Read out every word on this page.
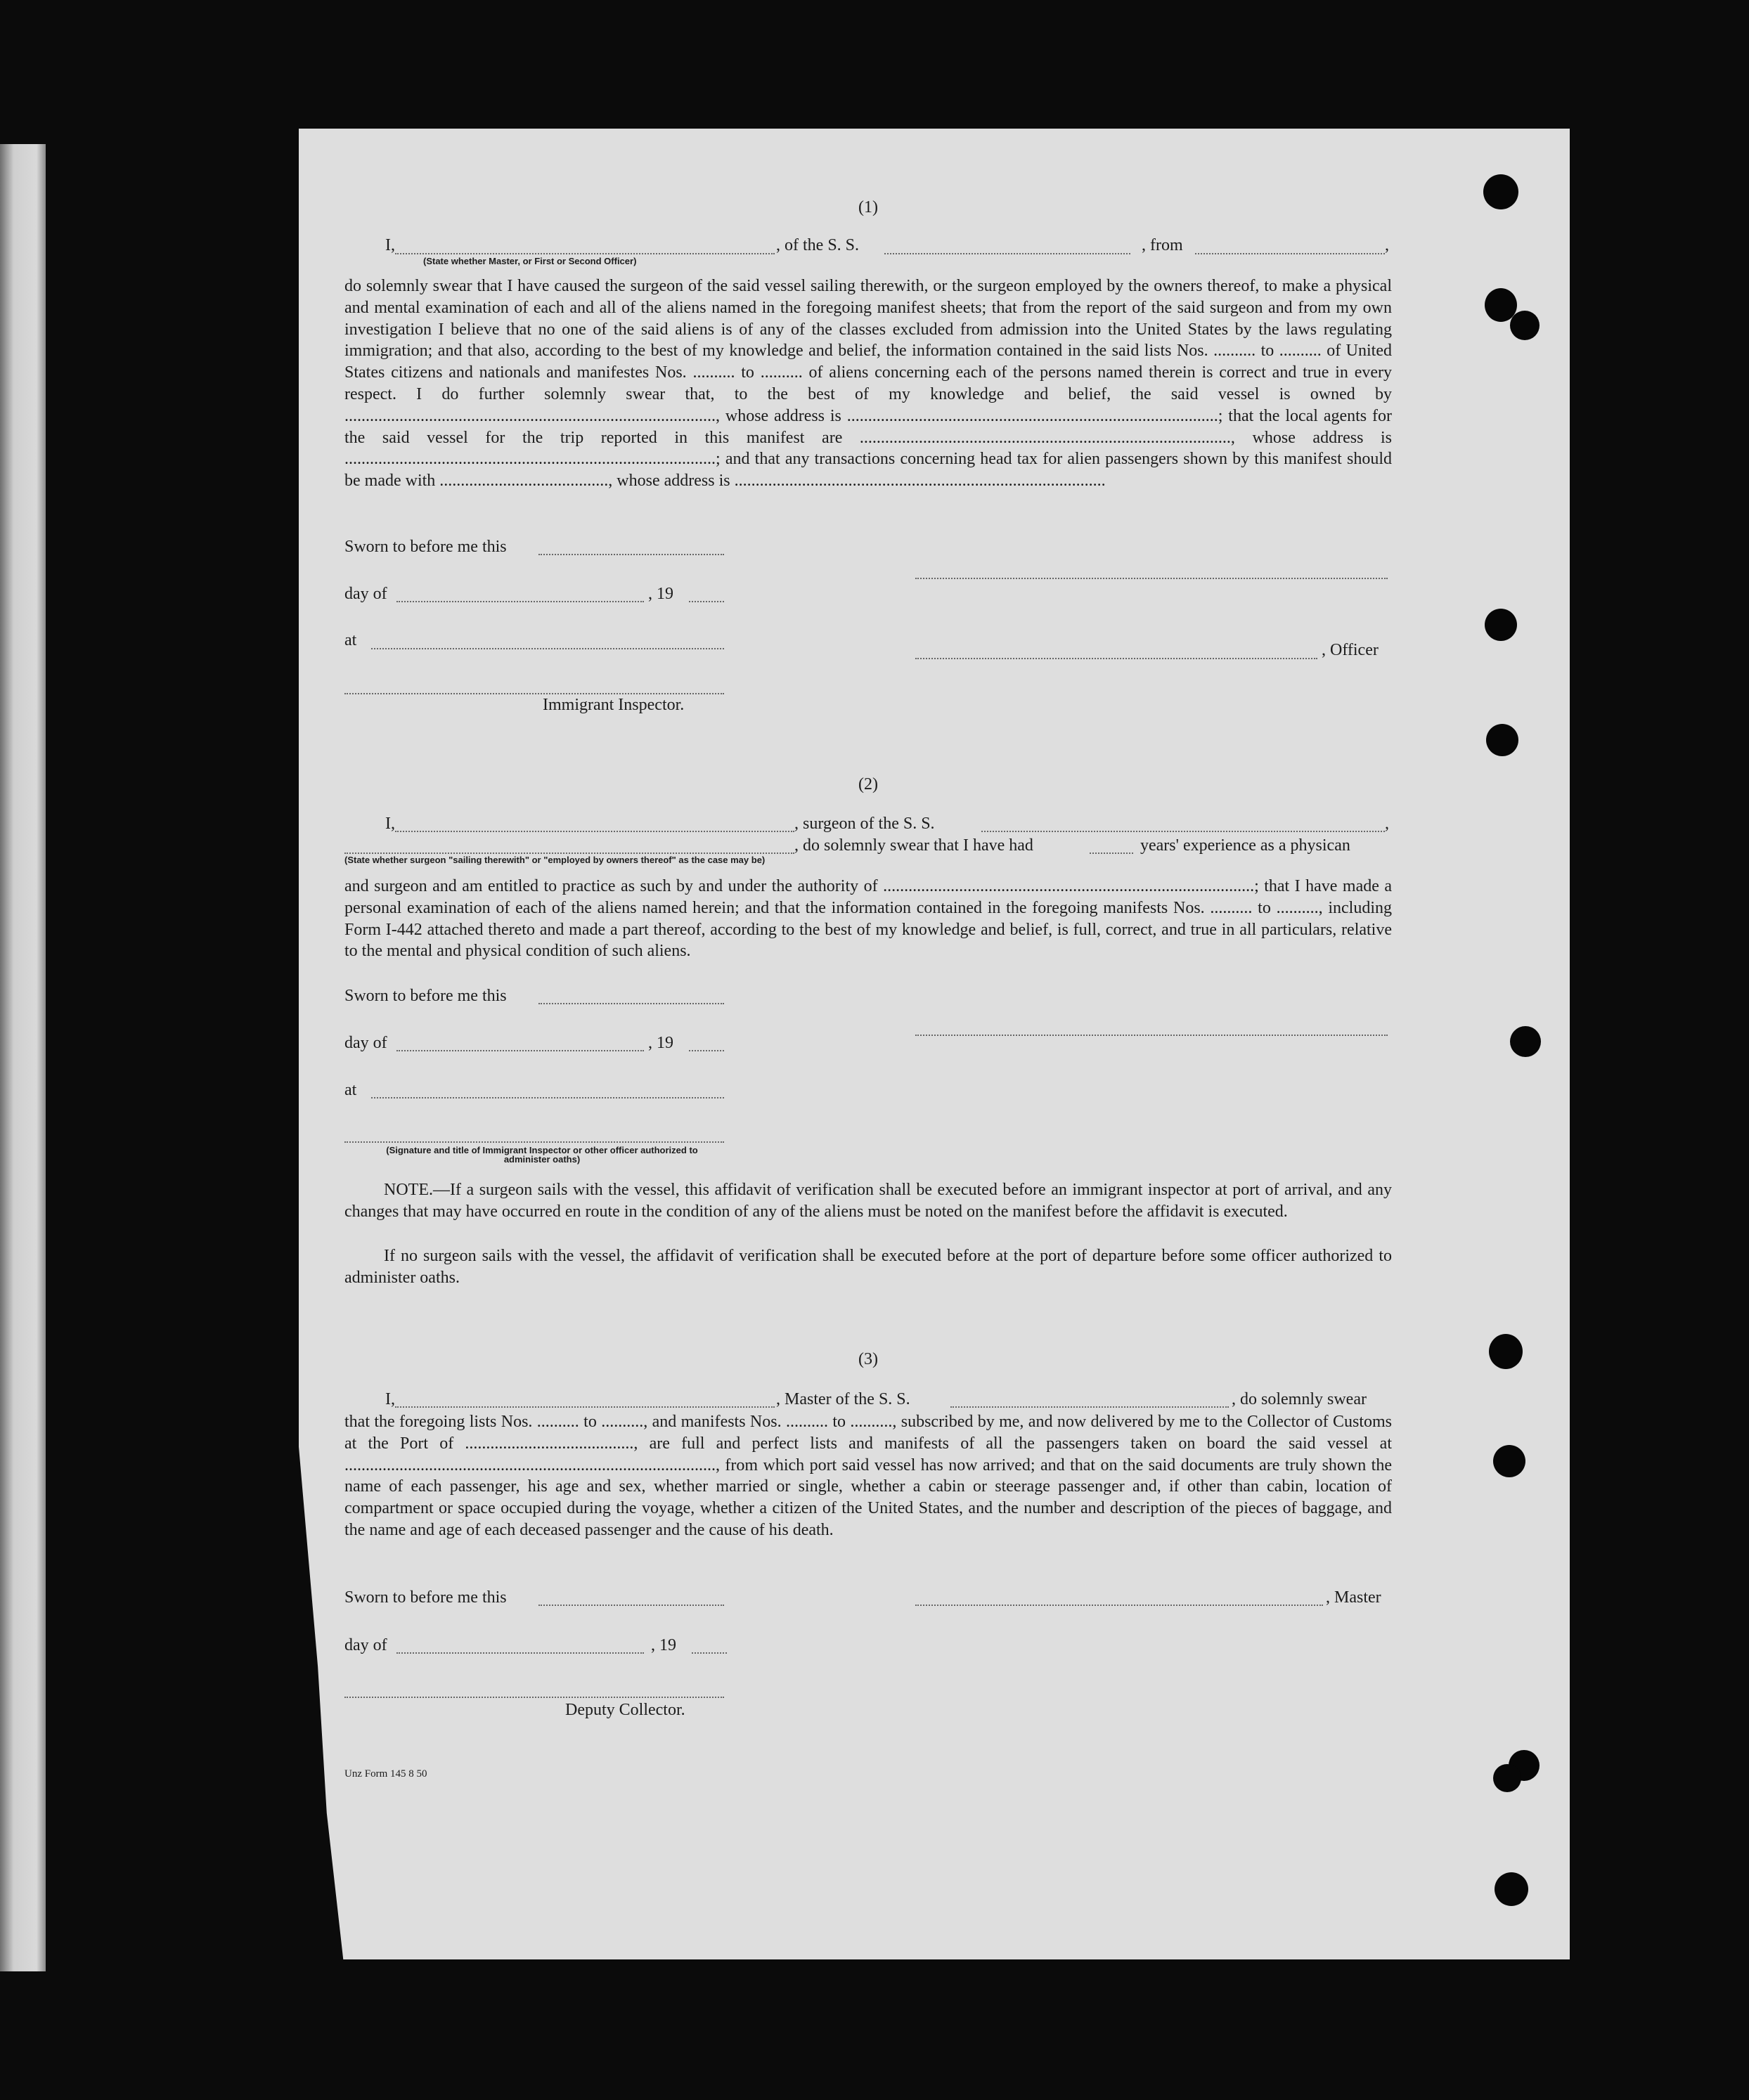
(1)
I,	, of the S. S.	, from	,
(State whether Master, or First or Second Officer)

do solemnly swear that I have caused the surgeon of the said vessel sailing therewith, or the surgeon employed by the owners thereof, to make a physical and mental examination of each and all of the aliens named in the foregoing manifest sheets; that from the report of the said surgeon and from my own investigation I believe that no one of the said aliens is of any of the classes excluded from admission into the United States by the laws regulating immigration; and that also, according to the best of my knowledge and belief, the information contained in the said lists Nos. .......... to .......... of United States citizens and nationals and manifestes Nos. .......... to .......... of aliens concerning each of the persons named therein is correct and true in every respect. I do further solemnly swear that, to the best of my knowledge and belief, the said vessel is owned by ........................................................................................, whose address is ........................................................................................; that the local agents for the said vessel for the trip reported in this manifest are ........................................................................................, whose address is ........................................................................................; and that any transactions concerning head tax for alien passengers shown by this manifest should be made with ........................................, whose address is ........................................................................................

Sworn to before me this
day of	, 19
at
, Officer
Immigrant Inspector.
(2)
I,	, surgeon of the S. S.	,
, do solemnly swear that I have had	years' experience as a physican
(State whether surgeon "sailing therewith" or "employed by owners thereof" as the case may be)

and surgeon and am entitled to practice as such by and under the authority of ........................................................................................; that I have made a personal examination of each of the aliens named herein; and that the information contained in the foregoing manifests Nos. .......... to .........., including Form I-442 attached thereto and made a part thereof, according to the best of my knowledge and belief, is full, correct, and true in all particulars, relative to the mental and physical condition of such aliens.

Sworn to before me this
day of	, 19
at
(Signature and title of Immigrant Inspector or other officer authorized to administer oaths)

NOTE.—If a surgeon sails with the vessel, this affidavit of verification shall be executed before an immigrant inspector at port of arrival, and any changes that may have occurred en route in the condition of any of the aliens must be noted on the manifest before the affidavit is executed.

If no surgeon sails with the vessel, the affidavit of verification shall be executed before at the port of departure before some officer authorized to administer oaths.

(3)
I,	, Master of the S. S.	, do solemnly swear

that the foregoing lists Nos. .......... to .........., and manifests Nos. .......... to .........., subscribed by me, and now delivered by me to the Collector of Customs at the Port of ........................................, are full and perfect lists and manifests of all the passengers taken on board the said vessel at ........................................................................................, from which port said vessel has now arrived; and that on the said documents are truly shown the name of each passenger, his age and sex, whether married or single, whether a cabin or steerage passenger and, if other than cabin, location of compartment or space occupied during the voyage, whether a citizen of the United States, and the number and description of the pieces of baggage, and the name and age of each deceased passenger and the cause of his death.

Sworn to before me this	, Master
day of	, 19
Deputy Collector.
Unz Form 145 8 50
